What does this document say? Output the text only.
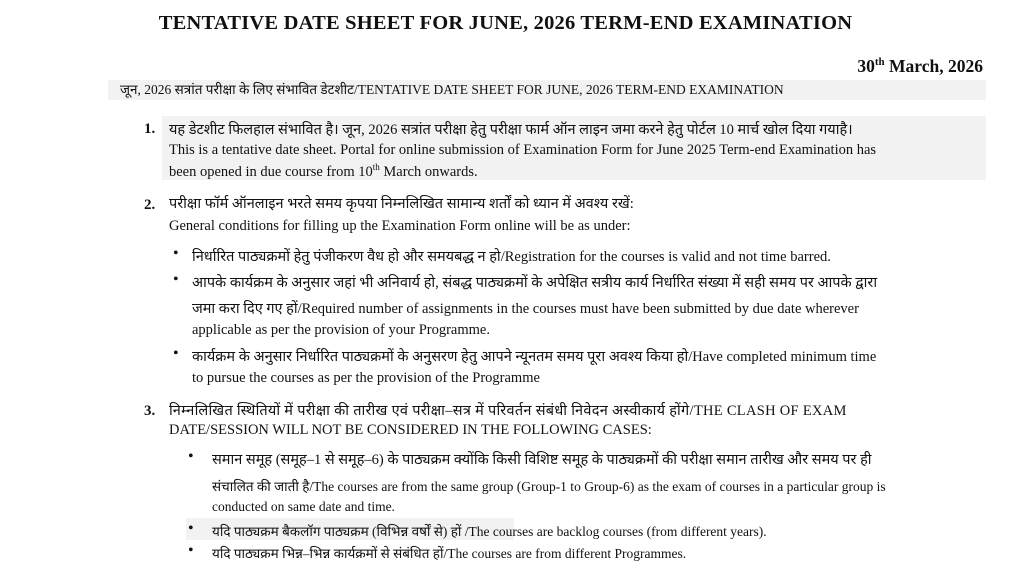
TENTATIVE DATE SHEET FOR JUNE, 2026 TERM-END EXAMINATION
30th March, 2026
जून, 2026 सत्रांत परीक्षा के लिए संभावित डेटशीट/TENTATIVE DATE SHEET FOR JUNE, 2026 TERM-END EXAMINATION
1. यह डेटशीट फिलहाल संभावित है। जून, 2026 सत्रांत परीक्षा हेतु परीक्षा फार्म ऑन लाइन जमा करने हेतु पोर्टल 10 मार्च खोल दिया गयाहै।
This is a tentative date sheet. Portal for online submission of Examination Form for June 2025 Term-end Examination has
been opened in due course from 10th March onwards.
2. परीक्षा फॉर्म ऑनलाइन भरते समय कृपया निम्नलिखित सामान्य शर्तों को ध्यान में अवश्य रखें:
General conditions for filling up the Examination Form online will be as under:
• निर्धारित पाठ्यक्रमों हेतु पंजीकरण वैध हो और समयबद्ध न हो/Registration for the courses is valid and not time barred.
• आपके कार्यक्रम के अनुसार जहां भी अनिवार्य हो, संबद्ध पाठ्यक्रमों के अपेक्षित सत्रीय कार्य निर्धारित संख्या में सही समय पर आपके द्वारा
जमा करा दिए गए हों/Required number of assignments in the courses must have been submitted by due date wherever
applicable as per the provision of your Programme.
• कार्यक्रम के अनुसार निर्धारित पाठ्यक्रमों के अनुसरण हेतु आपने न्यूनतम समय पूरा अवश्य किया हो/Have completed minimum time
to pursue the courses as per the provision of the Programme
3. निम्नलिखित स्थितियों में परीक्षा की तारीख एवं परीक्षा–सत्र में परिवर्तन संबंधी निवेदन अस्वीकार्य होंगे/THE CLASH OF EXAM
DATE/SESSION WILL NOT BE CONSIDERED IN THE FOLLOWING CASES:
• समान समूह (समूह–1 से समूह–6) के पाठ्यक्रम क्योंकि किसी विशिष्ट समूह के पाठ्यक्रमों की परीक्षा समान तारीख और समय पर ही
संचालित की जाती है/The courses are from the same group (Group-1 to Group-6) as the exam of courses in a particular group is
conducted on same date and time.
• यदि पाठ्यक्रम बैकलॉग पाठ्यक्रम (विभिन्न वर्षों से) हों /The courses are backlog courses (from different years).
• यदि पाठ्यक्रम भिन्न–भिन्न कार्यक्रमों से संबंधित हों/The courses are from different Programmes.
